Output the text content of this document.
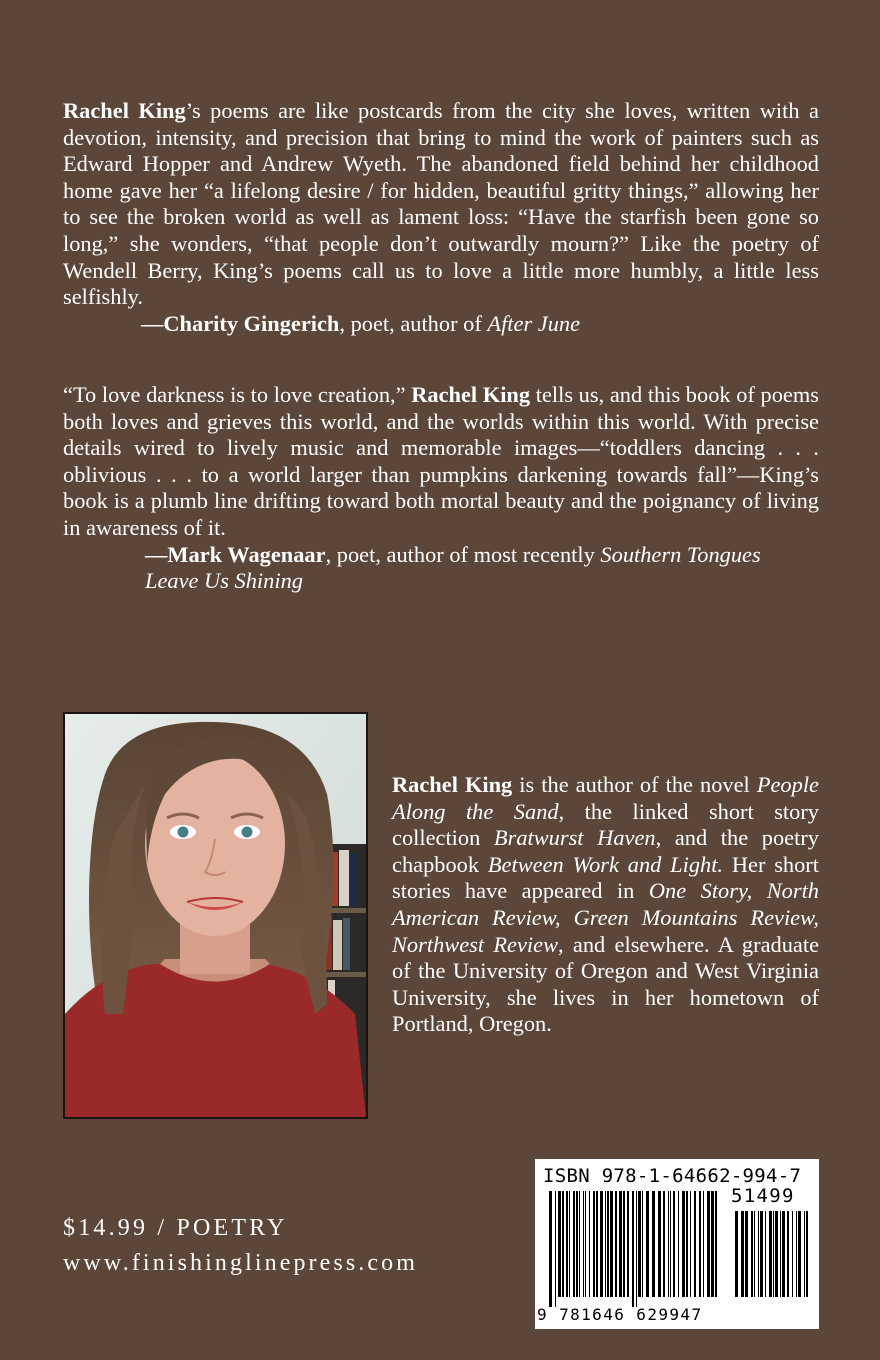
Rachel King’s poems are like postcards from the city she loves, written with a devotion, intensity, and precision that bring to mind the work of painters such as Edward Hopper and Andrew Wyeth. The abandoned field behind her childhood home gave her “a lifelong desire / for hidden, beautiful gritty things,” allowing her to see the broken world as well as lament loss: “Have the starfish been gone so long,” she wonders, “that people don’t outwardly mourn?” Like the poetry of Wendell Berry, King’s poems call us to love a little more humbly, a little less selfishly.

—Charity Gingerich, poet, author of After June

“To love darkness is to love creation,” Rachel King tells us, and this book of poems both loves and grieves this world, and the worlds within this world. With precise details wired to lively music and memorable images—“toddlers dancing . . . oblivious . . . to a world larger than pumpkins darkening towards fall”—King’s book is a plumb line drifting toward both mortal beauty and the poignancy of living in awareness of it.

—Mark Wagenaar, poet, author of most recently Southern Tongues
Leave Us Shining

Rachel King is the author of the novel People Along the Sand, the linked short story collection Bratwurst Haven, and the poetry chapbook Between Work and Light. Her short stories have appeared in One Story, North American Review, Green Mountains Review, Northwest Review, and elsewhere. A graduate of the University of Oregon and West Virginia University, she lives in her hometown of Portland, Oregon.
$14.99 / POETRY
www.finishinglinepress.com
ISBN 978-1-64662-994-7
51499
9 781646 629947
